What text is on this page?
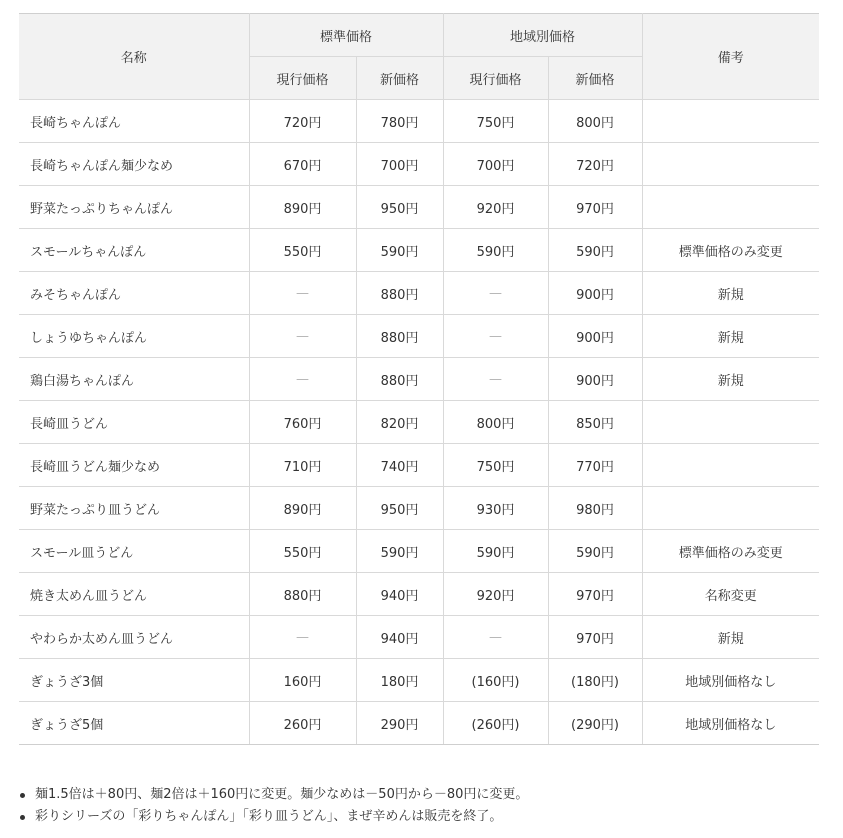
名称	標準価格		地域別価格		備考
	現行価格	新価格	現行価格	新価格	
長崎ちゃんぽん	720円	780円	750円	800円	
長崎ちゃんぽん麺少なめ	670円	700円	700円	720円	
野菜たっぷりちゃんぽん	890円	950円	920円	970円	
スモールちゃんぽん	550円	590円	590円	590円	標準価格のみ変更
みそちゃんぽん	—	880円	—	900円	新規
しょうゆちゃんぽん	—	880円	—	900円	新規
鶏白湯ちゃんぽん	—	880円	—	900円	新規
長崎皿うどん	760円	820円	800円	850円	
長崎皿うどん麺少なめ	710円	740円	750円	770円	
野菜たっぷり皿うどん	890円	950円	930円	980円	
スモール皿うどん	550円	590円	590円	590円	標準価格のみ変更
焼き太めん皿うどん	880円	940円	920円	970円	名称変更
やわらか太めん皿うどん	—	940円	—	970円	新規
ぎょうざ3個	160円	180円	(160円)	(180円)	地域別価格なし
ぎょうざ5個	260円	290円	(260円)	(290円)	地域別価格なし
麺1.5倍は＋80円、麺2倍は＋160円に変更。麺少なめは－50円から－80円に変更。
彩りシリーズの「彩りちゃんぽん」「彩り皿うどん」、まぜ辛めんは販売を終了。
